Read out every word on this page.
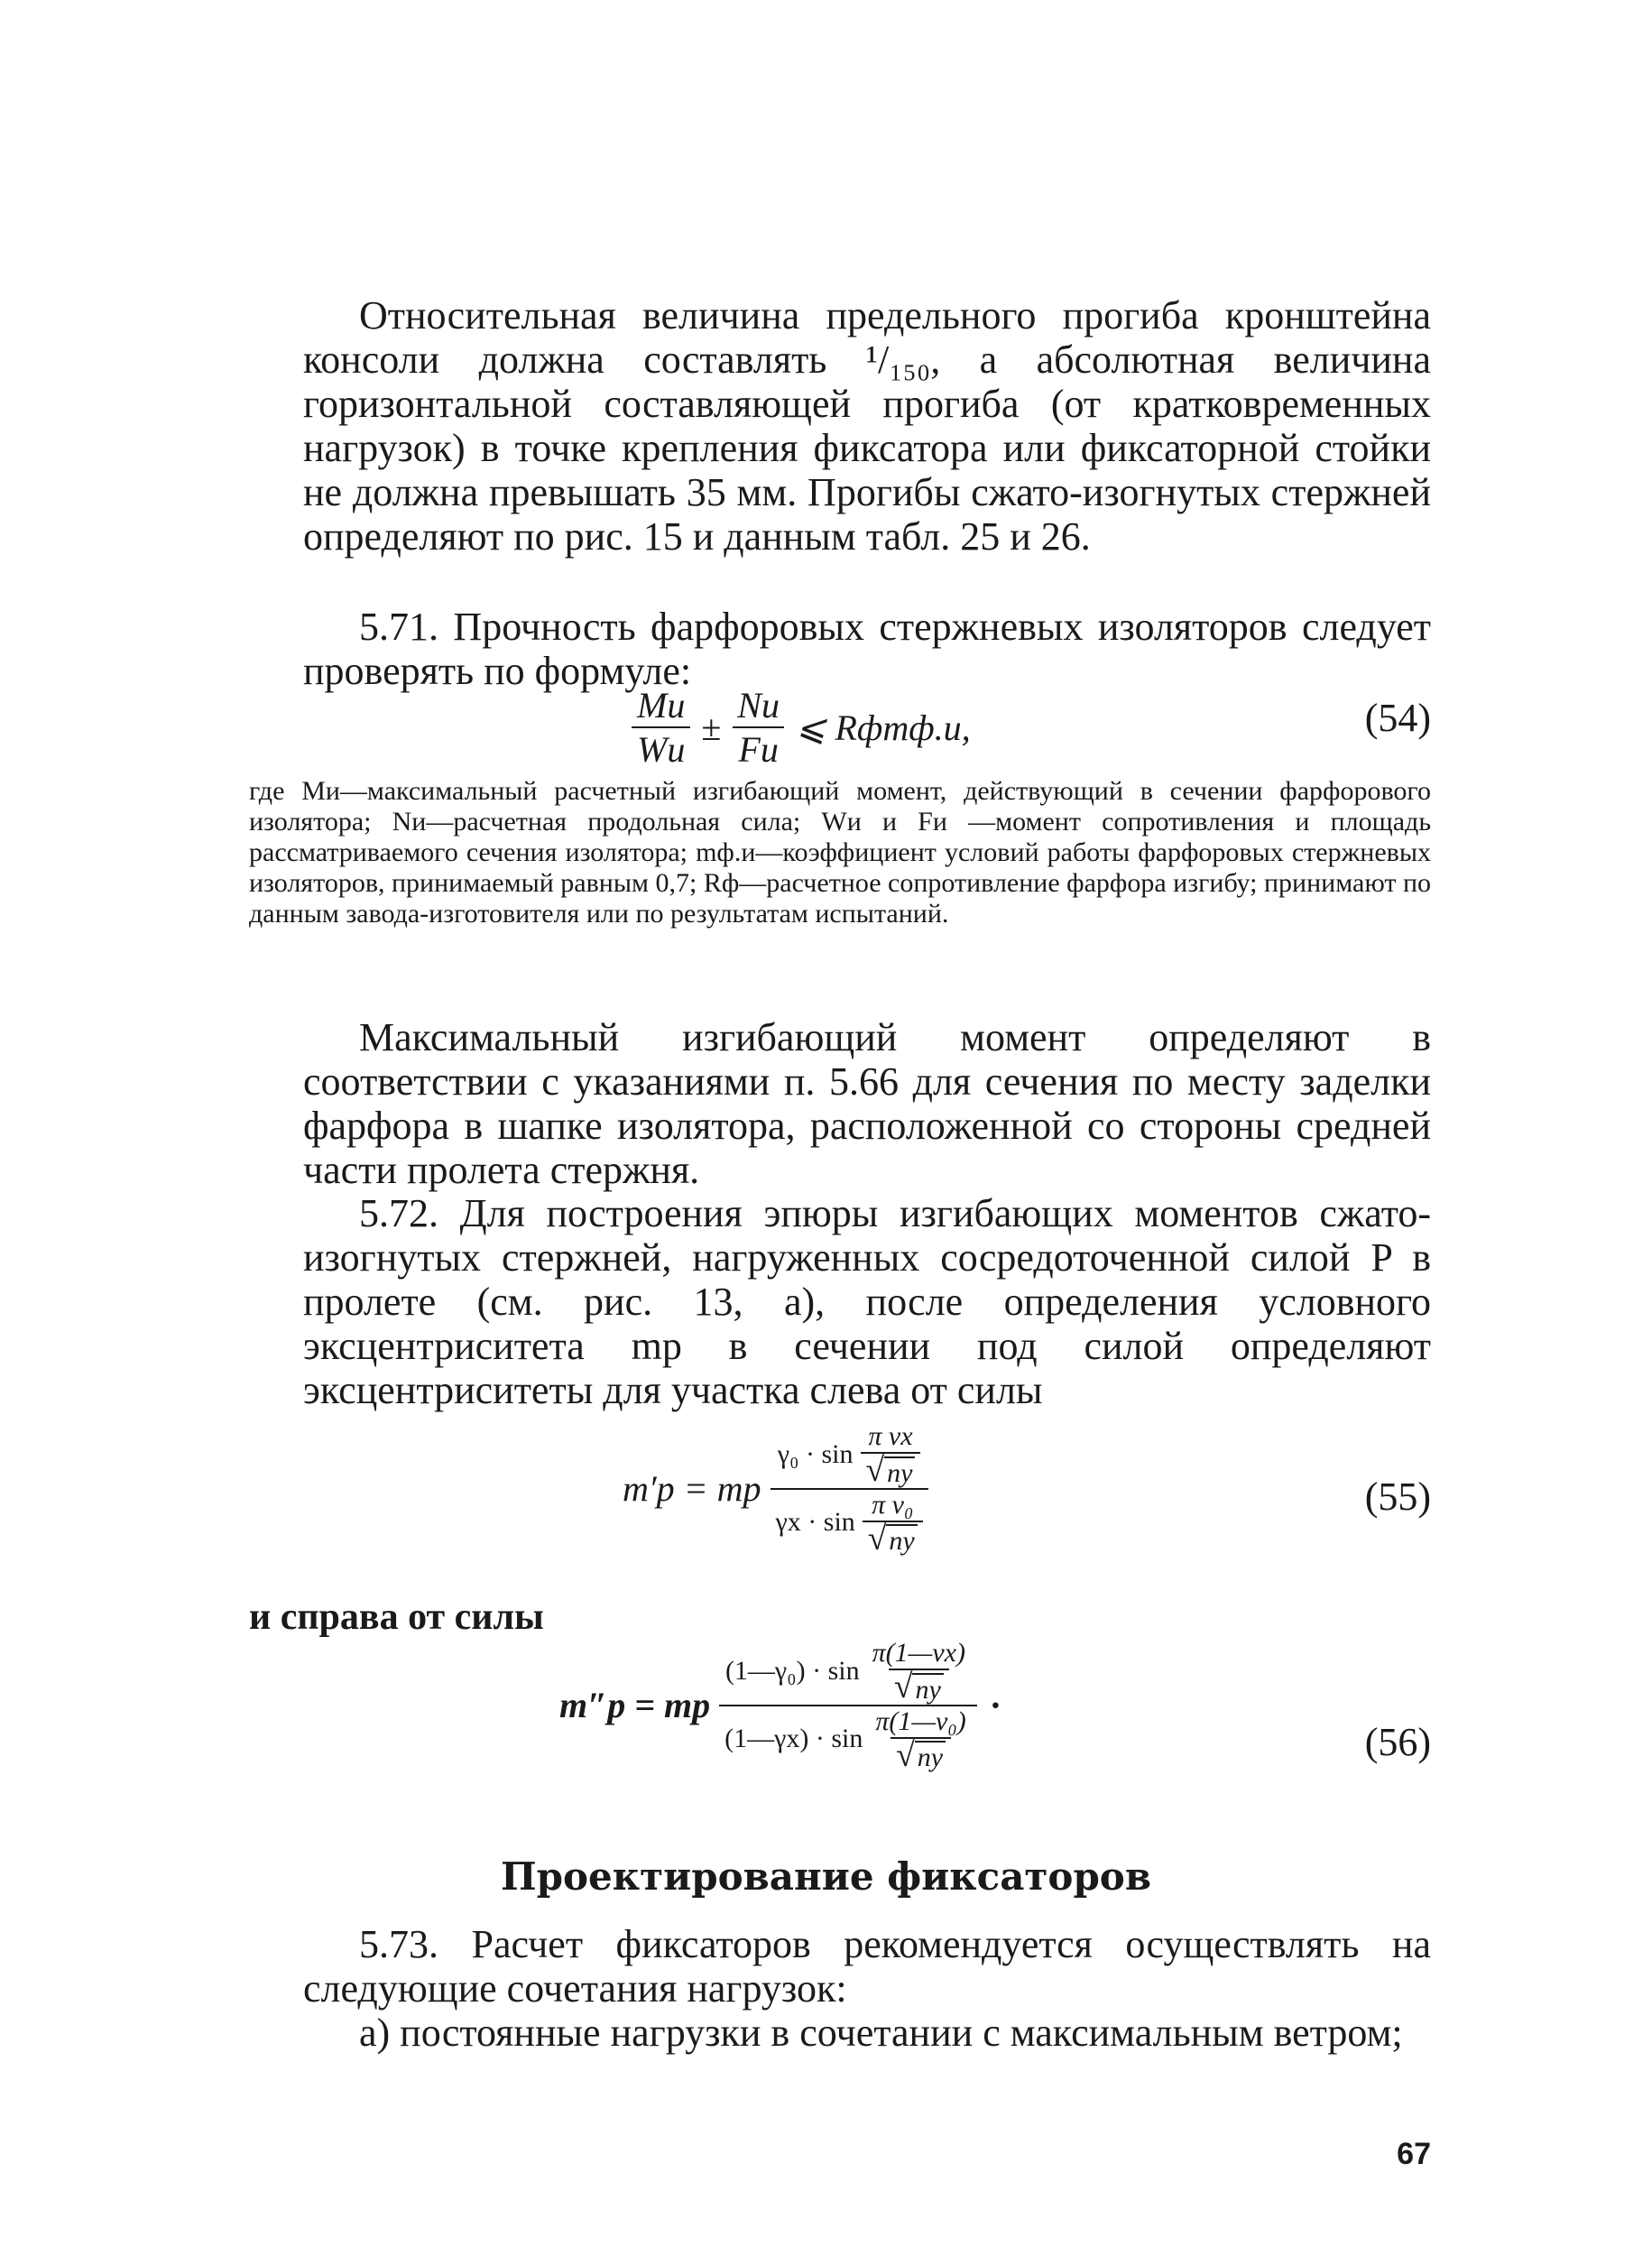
Относительная величина предельного прогиба кронштейна консоли должна составлять ¹/₁₅₀, а абсолютная величина горизонтальной составляющей прогиба (от кратковременных нагрузок) в точке крепления фиксатора или фиксаторной стойки не должна превышать 35 мм. Прогибы сжато-изогнутых стержней определяют по рис. 15 и данным табл. 25 и 26.

5.71. Прочность фарфоровых стержневых изоляторов следует проверять по формуле:

$\frac{Mи}{Wи} \pm \frac{Nи}{Fи}$ ⩽ Rфmф.и,	(54)

где Mи—максимальный расчетный изгибающий момент, действующий в сечении фарфорового изолятора; Nи—расчетная продольная сила; Wи и Fи —момент сопротивления и площадь рассматриваемого сечения изолятора; mф.и—коэффициент условий работы фарфоровых стержневых изоляторов, принимаемый равным 0,7; Rф—расчетное сопротивление фарфора изгибу; принимают по данным завода-изготовителя или по результатам испытаний.

Максимальный изгибающий момент определяют в соответствии с указаниями п. 5.66 для сечения по месту заделки фарфора в шапке изолятора, расположенной со стороны средней части пролета стержня.

5.72. Для построения эпюры изгибающих моментов сжато-изогнутых стержней, нагруженных сосредоточенной силой P в пролете (см. рис. 13, а), после определения условного эксцентриситета mp в сечении под силой определяют эксцентриситеты для участка слева от силы

m′p = mp $\frac{\gamma_0 \cdot \sin \frac{\text{π νx}}{√ ny}}{\gamma x \cdot \sin \frac{\text{π ν₀}}{√ ny}}$	(55)
и справа от силы
m″p = mp $\frac{(1—\gamma_0) \cdot \sin \frac{\pi(1—\nu x)}{√ ny}}{(1—\gamma x) \cdot \sin \frac{\text{π(1—ν₀)}}{√ ny}}$ ·
(56)
Проектирование фиксаторов

5.73. Расчет фиксаторов рекомендуется осуществлять на следующие сочетания нагрузок:

а) постоянные нагрузки в сочетании с максимальным ветром;

67
